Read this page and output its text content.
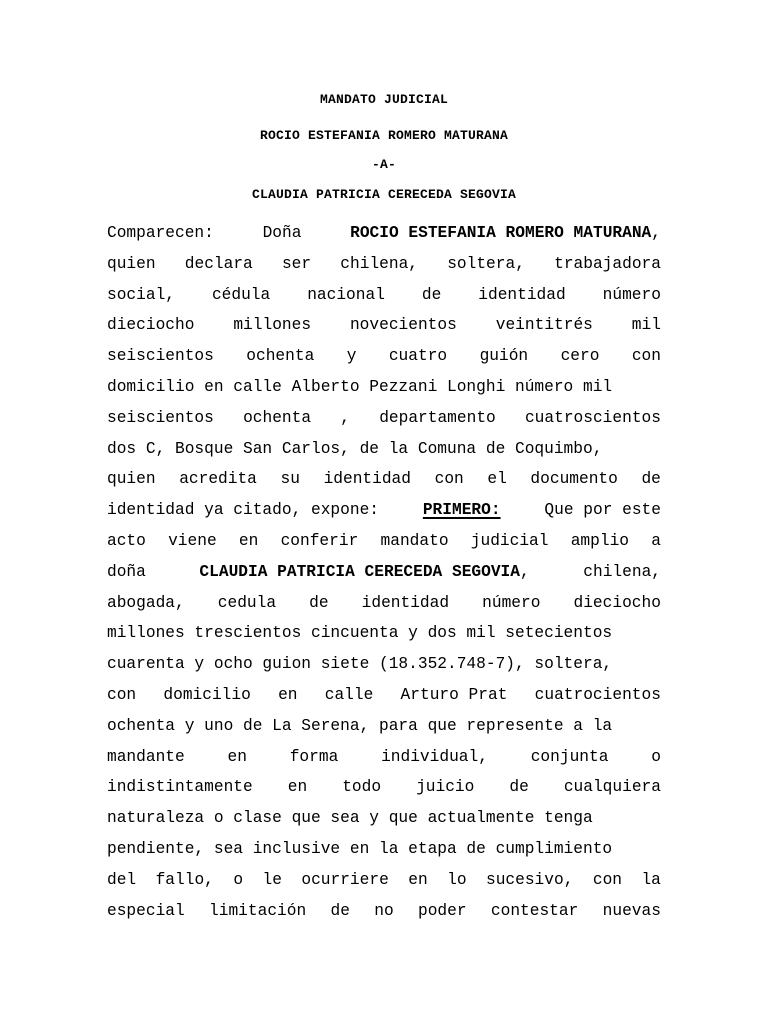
MANDATO JUDICIAL
ROCIO ESTEFANIA ROMERO MATURANA
-A-
CLAUDIA PATRICIA CERECEDA SEGOVIA
Comparecen:	Doña	ROCIO ESTEFANIA ROMERO MATURANA,
quien declara ser chilena, soltera, trabajadora
social, cédula nacional de identidad número
dieciocho millones novecientos veintitrés mil
seiscientos ochenta y cuatro guión cero con
domicilio en calle Alberto Pezzani Longhi número mil
seiscientos ochenta , departamento cuatroscientos
dos C, Bosque San Carlos, de la Comuna de Coquimbo,
quien acredita su identidad con el documento de
identidad ya citado, expone:	PRIMERO:	Que por este
acto viene en conferir mandato judicial amplio a
doña	CLAUDIA PATRICIA CERECEDA SEGOVIA,	chilena,
abogada, cedula de identidad número dieciocho
millones trescientos cincuenta y dos mil setecientos
cuarenta y ocho guion siete (18.352.748-7), soltera,
con domicilio en calle Arturo Prat cuatrocientos
ochenta y uno de La Serena, para que represente a la
mandante	en	forma	individual,	conjunta	o
indistintamente en todo juicio de cualquiera
naturaleza o clase que sea y que actualmente tenga
pendiente, sea inclusive en la etapa de cumplimiento
del fallo, o le ocurriere en lo sucesivo, con la
especial limitación de no poder contestar nuevas
